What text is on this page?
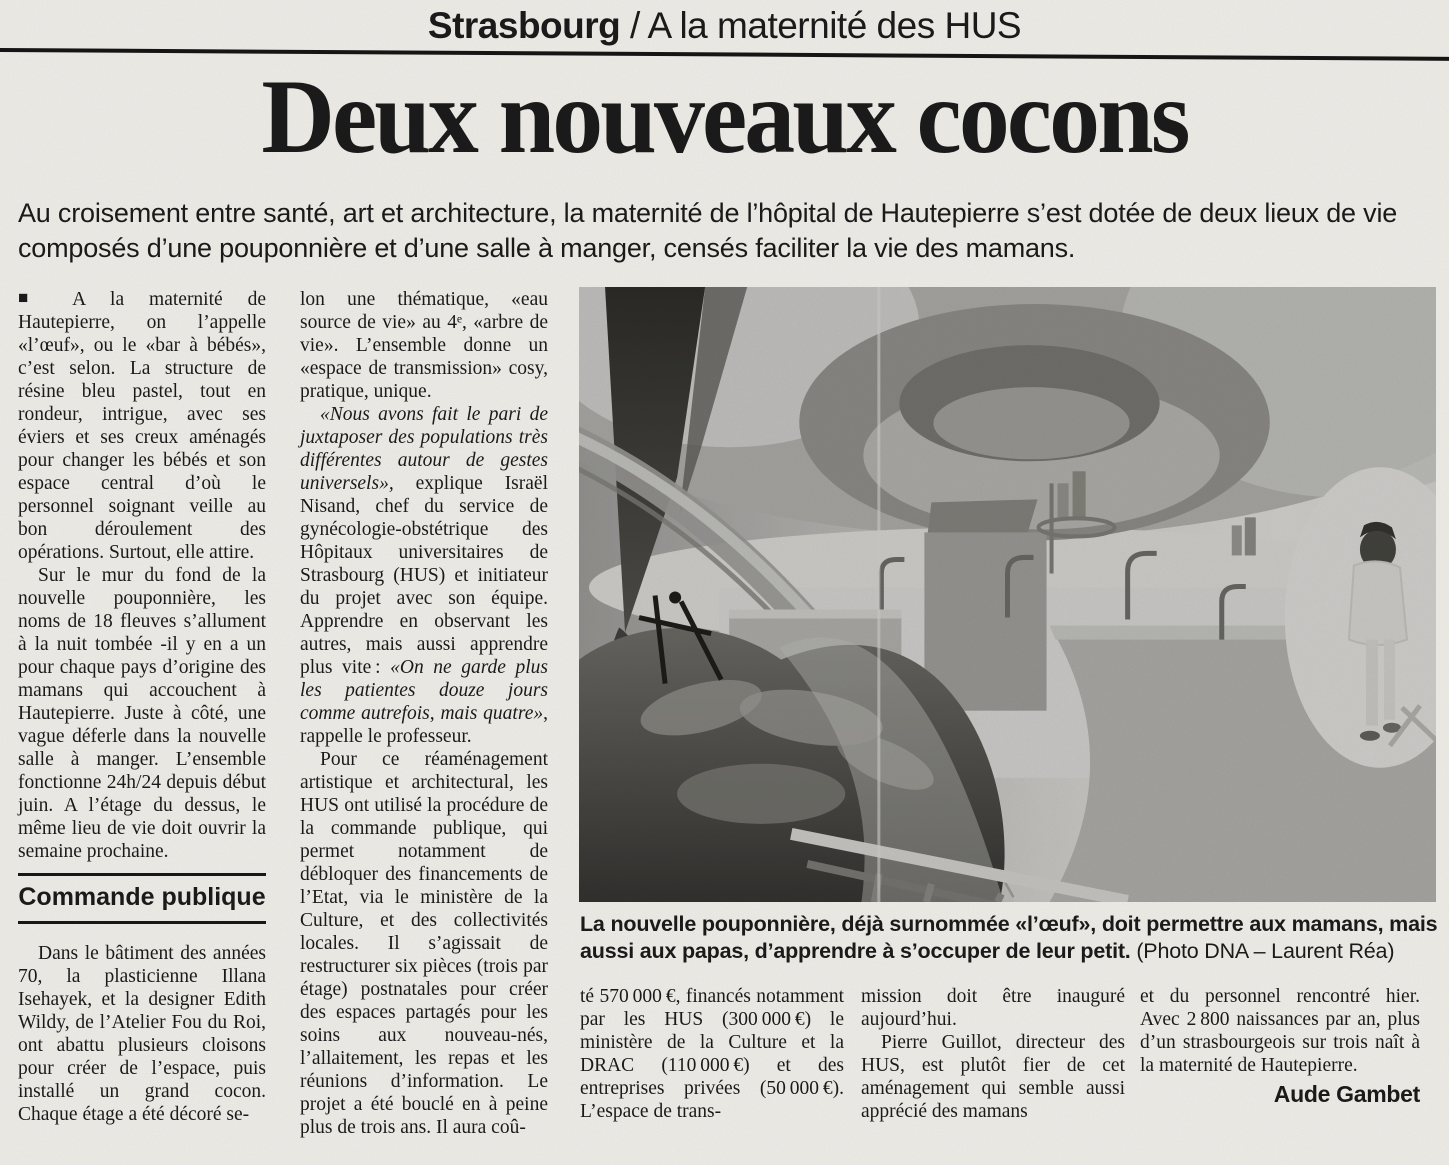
Strasbourg / A la maternité des HUS
Deux nouveaux cocons
Au croisement entre santé, art et architecture, la maternité de l’hôpital de Hautepierre s’est dotée de deux lieux de vie composés d’une pouponnière et d’une salle à manger, censés faciliter la vie des mamans.

■ A la maternité de Hautepierre, on l’appelle «l’œuf», ou le «bar à bébés», c’est selon. La structure de résine bleu pastel, tout en rondeur, intrigue, avec ses éviers et ses creux aménagés pour changer les bébés et son espace central d’où le personnel soignant veille au bon déroulement des opérations. Surtout, elle attire.

Sur le mur du fond de la nouvelle pouponnière, les noms de 18 fleuves s’allument à la nuit tombée -il y en a un pour chaque pays d’origine des mamans qui accouchent à Hautepierre. Juste à côté, une vague déferle dans la nouvelle salle à manger. L’ensemble fonctionne 24h/24 depuis début juin. A l’étage du dessus, le même lieu de vie doit ouvrir la semaine prochaine.

Commande publique

Dans le bâtiment des années 70, la plasticienne Illana Isehayek, et la designer Edith Wildy, de l’Atelier Fou du Roi, ont abattu plusieurs cloisons pour créer de l’espace, puis installé un grand cocon. Chaque étage a été décoré se-

lon une thématique, «eau source de vie» au 4ᵉ, «arbre de vie». L’ensemble donne un «espace de transmission» cosy, pratique, unique.

«Nous avons fait le pari de juxtaposer des populations très différentes autour de gestes universels», explique Israël Nisand, chef du service de gynécologie-obstétrique des Hôpitaux universitaires de Strasbourg (HUS) et initiateur du projet avec son équipe. Apprendre en observant les autres, mais aussi apprendre plus vite : «On ne garde plus les patientes douze jours comme autrefois, mais quatre», rappelle le professeur.

Pour ce réaménagement artistique et architectural, les HUS ont utilisé la procédure de la commande publique, qui permet notamment de débloquer des financements de l’Etat, via le ministère de la Culture, et des collectivités locales. Il s’agissait de restructurer six pièces (trois par étage) postnatales pour créer des espaces partagés pour les soins aux nouveau-nés, l’allaitement, les repas et les réunions d’information. Le projet a été bouclé en à peine plus de trois ans. Il aura coû-

La nouvelle pouponnière, déjà surnommée «l’œuf», doit permettre aux mamans, mais aussi aux papas, d’apprendre à s’occuper de leur petit. (Photo DNA – Laurent Réa)

té 570 000 €, financés notamment par les HUS (300 000 €) le ministère de la Culture et la DRAC (110 000 €) et des entreprises privées (50 000 €). L’espace de trans-

mission doit être inauguré aujourd’hui.

Pierre Guillot, directeur des HUS, est plutôt fier de cet aménagement qui semble aussi apprécié des mamans

et du personnel rencontré hier. Avec 2 800 naissances par an, plus d’un strasbourgeois sur trois naît à la maternité de Hautepierre.

Aude Gambet
